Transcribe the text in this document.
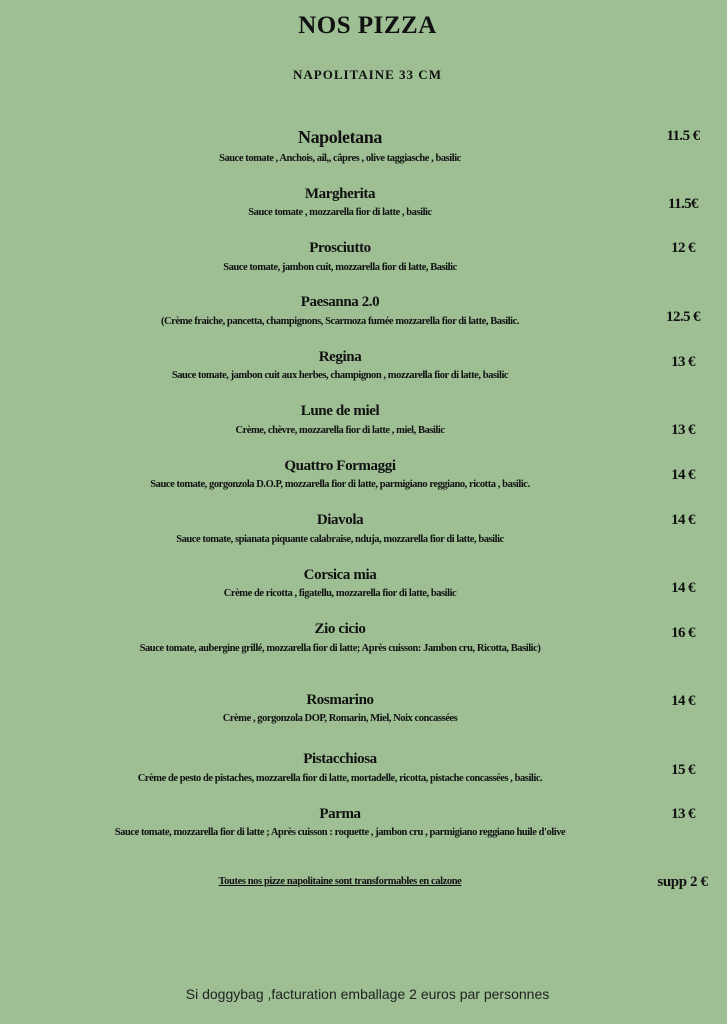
NOS PIZZA
NAPOLITAINE 33 CM
Napoletana
Sauce tomate , Anchois, ail,, câpres , olive taggiasche , basilic
11.5 €
Margherita
Sauce tomate , mozzarella fior di latte , basilic
11.5€
Prosciutto
Sauce tomate, jambon cuit, mozzarella fior di latte, Basilic
12 €
Paesanna 2.0
(Crème fraiche, pancetta, champignons, Scarmoza fumée mozzarella fior di latte, Basilic.	12.5 €
Regina
Sauce tomate, jambon cuit aux herbes, champignon , mozzarella fior di latte, basilic
13 €
Lune de miel
Crème, chèvre, mozzarella fior di latte , miel, Basilic	13 €
Quattro Formaggi
Sauce tomate, gorgonzola D.O.P, mozzarella fior di latte, parmigiano reggiano, ricotta , basilic.
14 €
Diavola
Sauce tomate, spianata piquante calabraise, nduja, mozzarella fior di latte, basilic
14 €
Corsica mia
Crème de ricotta , figatellu, mozzarella fior di latte, basilic	14 €
Zio cicio
Sauce tomate, aubergine grillé, mozzarella fior di latte; Après cuisson: Jambon cru, Ricotta, Basilic)
16 €
Rosmarino
Crème , gorgonzola DOP, Romarin, Miel, Noix concassées
14 €
Pistacchiosa
Crème de pesto de pistaches, mozzarella fior di latte, mortadelle, ricotta, pistache concassées , basilic.
15 €
Parma
Sauce tomate, mozzarella fior di latte ; Après cuisson : roquette , jambon cru , parmigiano reggiano huile d'olive
13 €
Toutes nos pizze napolitaine sont transformables en calzone	supp 2 €
Si doggybag ,facturation emballage 2 euros par personnes
